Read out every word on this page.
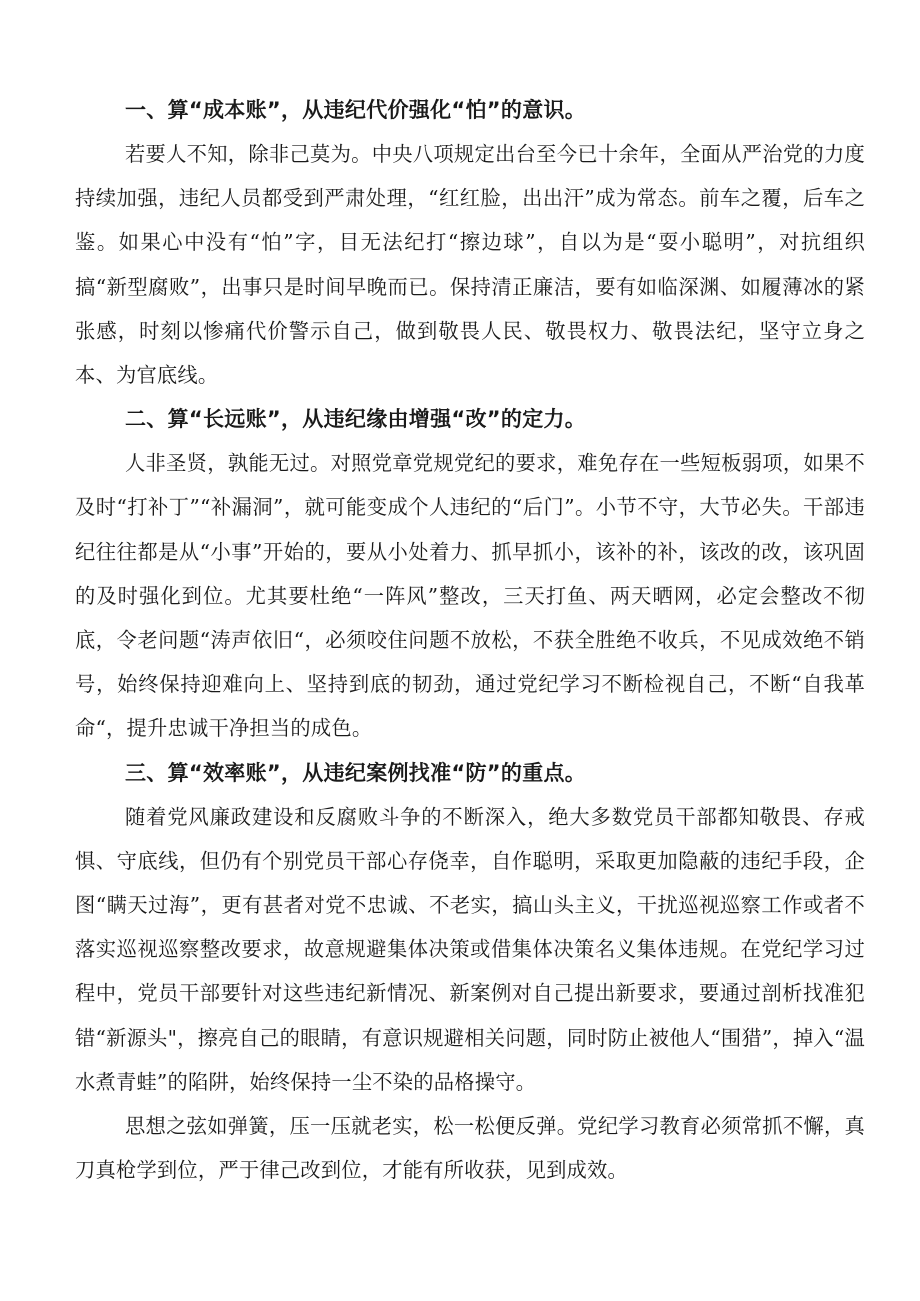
一、算“成本账”，从违纪代价强化“怕”的意识。

若要人不知，除非己莫为。中央八项规定出台至今已十余年，全面从严治党的力度持续加强，违纪人员都受到严肃处理，“红红脸，出出汗”成为常态。前车之覆，后车之鉴。如果心中没有“怕”字，目无法纪打“擦边球”，自以为是“耍小聪明”，对抗组织搞“新型腐败”，出事只是时间早晚而已。保持清正廉洁，要有如临深渊、如履薄冰的紧张感，时刻以惨痛代价警示自己，做到敬畏人民、敬畏权力、敬畏法纪，坚守立身之本、为官底线。

二、算“长远账”，从违纪缘由增强“改”的定力。

人非圣贤，孰能无过。对照党章党规党纪的要求，难免存在一些短板弱项，如果不及时“打补丁”“补漏洞”，就可能变成个人违纪的“后门”。小节不守，大节必失。干部违纪往往都是从“小事”开始的，要从小处着力、抓早抓小，该补的补，该改的改，该巩固的及时强化到位。尤其要杜绝“一阵风”整改，三天打鱼、两天晒网，必定会整改不彻底，令老问题“涛声依旧“，必须咬住问题不放松，不获全胜绝不收兵，不见成效绝不销号，始终保持迎难向上、坚持到底的韧劲，通过党纪学习不断检视自己，不断“自我革命“，提升忠诚干净担当的成色。

三、算“效率账”，从违纪案例找准“防”的重点。

随着党风廉政建设和反腐败斗争的不断深入，绝大多数党员干部都知敬畏、存戒惧、守底线，但仍有个别党员干部心存侥幸，自作聪明，采取更加隐蔽的违纪手段，企图“瞒天过海”，更有甚者对党不忠诚、不老实，搞山头主义，干扰巡视巡察工作或者不落实巡视巡察整改要求，故意规避集体决策或借集体决策名义集体违规。在党纪学习过程中，党员干部要针对这些违纪新情况、新案例对自己提出新要求，要通过剖析找准犯错“新源头"，擦亮自己的眼睛，有意识规避相关问题，同时防止被他人“围猎”，掉入“温水煮青蛙”的陷阱，始终保持一尘不染的品格操守。

思想之弦如弹簧，压一压就老实，松一松便反弹。党纪学习教育必须常抓不懈，真刀真枪学到位，严于律己改到位，才能有所收获，见到成效。
